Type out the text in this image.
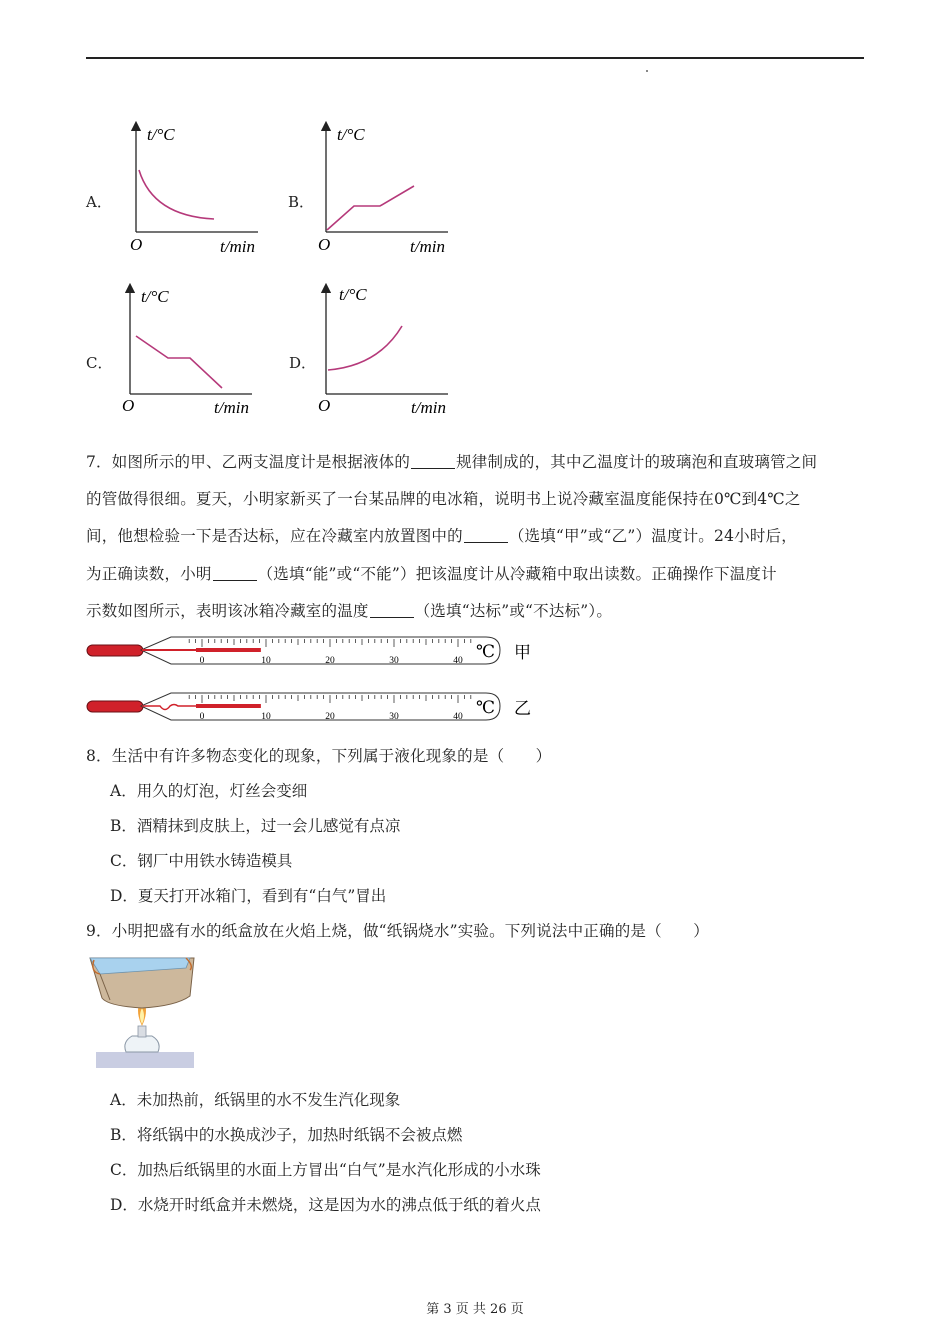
A．
t/°C
t/min
O
B．
t/°C
t/min
O
C．
t/°C
t/min
O
D．
t/°C
t/min
O
7．如图所示的甲、乙两支温度计是根据液体的	规律制成的，其中乙温度计的玻璃泡和直玻璃管之间
的管做得很细。夏天，小明家新买了一台某品牌的电冰箱，说明书上说冷藏室温度能保持在0℃到4℃之
间，他想检验一下是否达标，应在冷藏室内放置图中的	（选填“甲”或“乙”）温度计。24小时后，
为正确读数，小明	（选填“能”或“不能”）把该温度计从冷藏箱中取出读数。正确操作下温度计
示数如图所示，表明该冰箱冷藏室的温度	（选填“达标”或“不达标”）。
0	10	20	30	40 ℃ 甲
0	10	20	30	40 ℃ 乙
8．生活中有许多物态变化的现象，下列属于液化现象的是（　　）
A．用久的灯泡，灯丝会变细
B．酒精抹到皮肤上，过一会儿感觉有点凉
C．钢厂中用铁水铸造模具
D．夏天打开冰箱门，看到有“白气”冒出
9．小明把盛有水的纸盒放在火焰上烧，做“纸锅烧水”实验。下列说法中正确的是（　　）
A．未加热前，纸锅里的水不发生汽化现象
B．将纸锅中的水换成沙子，加热时纸锅不会被点燃
C．加热后纸锅里的水面上方冒出“白气”是水汽化形成的小水珠
D．水烧开时纸盒并未燃烧，这是因为水的沸点低于纸的着火点
第 3 页 共 26 页
